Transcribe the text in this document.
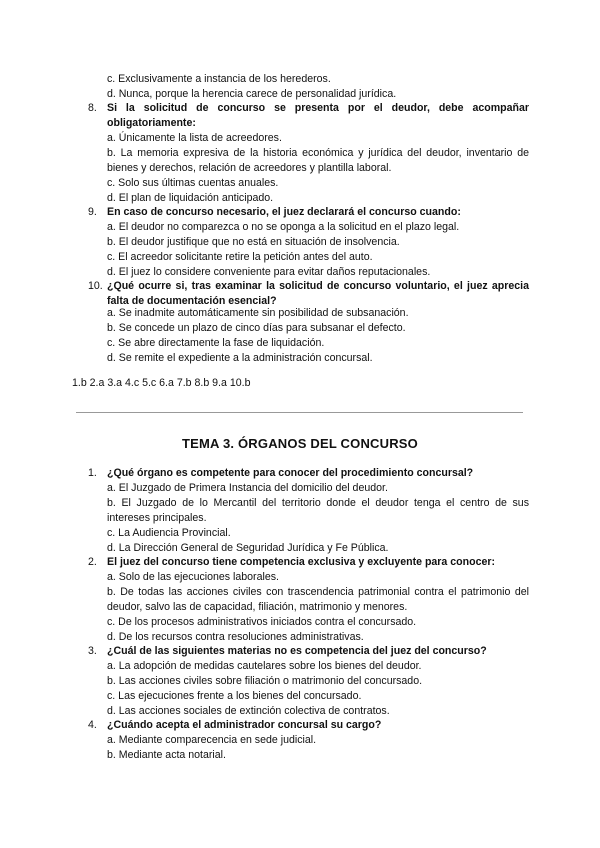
c. Exclusivamente a instancia de los herederos.
d. Nunca, porque la herencia carece de personalidad jurídica.
8. Si la solicitud de concurso se presenta por el deudor, debe acompañar obligatoriamente:
a. Únicamente la lista de acreedores.
b. La memoria expresiva de la historia económica y jurídica del deudor, inventario de bienes y derechos, relación de acreedores y plantilla laboral.
c. Solo sus últimas cuentas anuales.
d. El plan de liquidación anticipado.
9. En caso de concurso necesario, el juez declarará el concurso cuando:
a. El deudor no comparezca o no se oponga a la solicitud en el plazo legal.
b. El deudor justifique que no está en situación de insolvencia.
c. El acreedor solicitante retire la petición antes del auto.
d. El juez lo considere conveniente para evitar daños reputacionales.
10. ¿Qué ocurre si, tras examinar la solicitud de concurso voluntario, el juez aprecia falta de documentación esencial?
a. Se inadmite automáticamente sin posibilidad de subsanación.
b. Se concede un plazo de cinco días para subsanar el defecto.
c. Se abre directamente la fase de liquidación.
d. Se remite el expediente a la administración concursal.
1.b 2.a 3.a 4.c 5.c 6.a 7.b 8.b 9.a 10.b
TEMA 3. ÓRGANOS DEL CONCURSO
1. ¿Qué órgano es competente para conocer del procedimiento concursal?
a. El Juzgado de Primera Instancia del domicilio del deudor.
b. El Juzgado de lo Mercantil del territorio donde el deudor tenga el centro de sus intereses principales.
c. La Audiencia Provincial.
d. La Dirección General de Seguridad Jurídica y Fe Pública.
2. El juez del concurso tiene competencia exclusiva y excluyente para conocer:
a. Solo de las ejecuciones laborales.
b. De todas las acciones civiles con trascendencia patrimonial contra el patrimonio del deudor, salvo las de capacidad, filiación, matrimonio y menores.
c. De los procesos administrativos iniciados contra el concursado.
d. De los recursos contra resoluciones administrativas.
3. ¿Cuál de las siguientes materias no es competencia del juez del concurso?
a. La adopción de medidas cautelares sobre los bienes del deudor.
b. Las acciones civiles sobre filiación o matrimonio del concursado.
c. Las ejecuciones frente a los bienes del concursado.
d. Las acciones sociales de extinción colectiva de contratos.
4. ¿Cuándo acepta el administrador concursal su cargo?
a. Mediante comparecencia en sede judicial.
b. Mediante acta notarial.
